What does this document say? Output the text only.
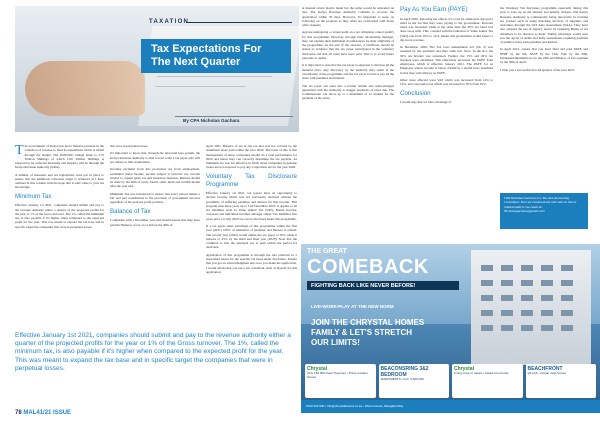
TAXATION
Tax Expectations For
The Next Quarter
By CPA Nicholas Gachara

The Government of Kenya has had a massive pressure in the collection of revenue to fund its expenditure which is tabled through the budget. The 2020/2021 budget tends to 2.75 Trillion Shillings of which 1.69 Trillion Shillings is expected to be collected internally and majority will be through the Kenya Revenue Authority (KRA).

A number of measures and tax legislations were put in place to ensure that the ambitious collection target is achieved as I have outlined in this column with the hope that it adds value to your tax knowledge.

Minimum Tax

Effective January 1st 2021, companies should submit and pay to the revenue authority either a quarter of the projected profits for the year or 1% of the Gross turnover. The 1%, called the minimum tax, is also payable if it's higher when compared to the expected profit for the year. This was meant to expand the tax base and in specific target the companies that were in perpetual losses.

Effective January 1st 2021, companies should submit and pay to the revenue authority either a quarter of the projected profits for the year or 1% of the Gross turnover. The 1%, called the minimum tax, is also payable if it's higher when compared to the expected profit for the year. This was meant to expand the tax base and in specific target the companies that were in perpetual losses.

that were in perpetual losses.

It's important to know that, through the unwound fees system, the Kenya Revenue Authority is able to note some a tax payer who will not adhere to this requirement.

Incomes excluded from this provisions are from employment, residential rental income, income subject to turnover tax, income subject to capital gains tax and insurance business. Returns should be done by the 20th of every fourth, sixth, ninth and twelfth month after the year end.

Minimum Tax was introduced to ensure that every person makes a fair and just contribution to the provision of government services regardless of the person's profit position.

Balance of Tax

Companies with a December year end should ensure that they have paid the Balance of tax on or before the 30th of

April 2021. Balance of tax is any tax that was not covered by the instalment taxes paid within the year 2020. The basis of this is that management of those companies should do a total performance for 2020 and hence they can correctly determine the tax payable. As minimum tax was not effective in 2020, those companies in genuine losses are not expected to pay any corporation tax for the year 2020.

Voluntary Tax Disclosure Programme

Effective January 1st 2021, tax payers have an opportunity to declare income which was not previously declared without the possibility of suffering penalties and interest for that income. This program runs three years up to 31st December 2023. It applies to all tax liabilities such as Value Added Tax (VAT), Rental Income, corporate and individual incomes amongst others. Tax liabilities five years prior 1st July 2020 are can be disclosed under this programme.

If a tax payer takes advantage of this programme within the first year (2021) 100% of remission of penalties and interest is earned. The second year (2022) would entitle the tax payer to 50% while it reduces to 25% by the third and final year (2023). Note that the condition is that the principal tax is paid within the period it's disclosed.

Application of this programme is through the itax platform in a prescribed return for the specific tax head under disclosure. Ensure that you get an acknowledgment slip once you make the application. I would advise that you use a tax consultant, such as myself, for this application.

A manual return maybe made but the same would be uploaded on itax. The Kenya Revenue Authority commits to process the application within 30 days. However, it's important to keep on following on the progress as they often are overloaded with many other requests.

Anyone undergoing a current audit on a tax obligation cannot qualify for this programme. However, through their relationship manager, they can explain their individual circumstances for their eligibility of the programme. At the end of the exercise, a certificate should be issued as evidence that the tax payer participated in the voluntary disclosure and that all taxes have been paid. This is to avoid future exposure to audits.

It is important to note that the tax payer is expected to disclose all the material facts. Any discovery by the authority may result in the cancellation of the programme and the tax payer forced to pay all the taxes with penalties and interest.

The tax payer can enter into a formal written and acknowledged agreement with the Authority to stagger payments of taxes due. The Commissioner can allow up to a maximum of 12 months for the payment of the taxes.

Pay As You Earn (PAYE)

In April 2020, following the effects of Covid-19, employers enjoyed a relief in the tax that they were paying to the government. Personal relief was increased while at the same time the 30% tax band was done away with. This, coupled with the reduction of Value Added Tax (VAT) rate from 16% to 14%, meant that government would expect a dip in tax revenue.

In December 2020, The Tax laws Amendment Act (No 2) was assented by the president and thus came into force. In the Act, the 30% tax bracket was reinstated. Further, the 15% and 20% tax brackets were abolished. This effectively increased the PAYE from employees, which is effective January 2021. The PAYE for an Employee whose income is below 24,000 in a month have benefited in that they will still pay no PAYE.

Other taxes affected were VAT which was increased from 14% to 16%, and corporation tax which was increased to 30% from 25%.

Conclusion

I would urge that we take advantage of

the Voluntary Tax disclosure programme especially during this year to save up on the interest and penalty charges. The Kenya Revenue Authority is continuously being innovative in tracking tax evaders such as using matching invoices of suppliers and customers through the VAT Auto Assessment (VAA). They have also adopted the use of Agency notice by requiring Banks of tax defaulters to be directed to them. Taking advantage would save you the agony of audits and hefty assessments requiring payment of punitive taxes with penalties and interest.

In April 2021, ensure that you have filed and paid PAYE and NHIF by the 9th, NSSF by the 15th, VAT by the 20th, Instalment/minimum tax by the 20th and Balance of Tax payment by the 30th of April.

I wish you a successful Second Quarter of the year 2021.

CPA Nicholas Gachara is a Tax and Accounting Consultant. You can communicate with him on this or related matters via email at: Nicholasgachara@gmail.com
THE GREAT
COMEBACK
FIGHTING BACK LIKE NEVER BEFORE!
LIVE•WORK•PLAY AT THE NEW NORM
JOIN THE CHRYSTAL HOMES FAMILY & LET'S STRETCH OUR LIMITS!
Chrystal
Only 150,000 Down Payment • Prime location homes
BEACONSRING 3&2 BEDROOM
APARTMENTS • Ksh. 6,500,000
Chrystal
Living close to nature • Gated community
BEACHFRONT
VILLAS • Ocean view homes
0722 522 000 • info@chrystalhomes.co.ke • Wumi Centre, Mbagathi Way
78 MAL41/21 ISSUE
